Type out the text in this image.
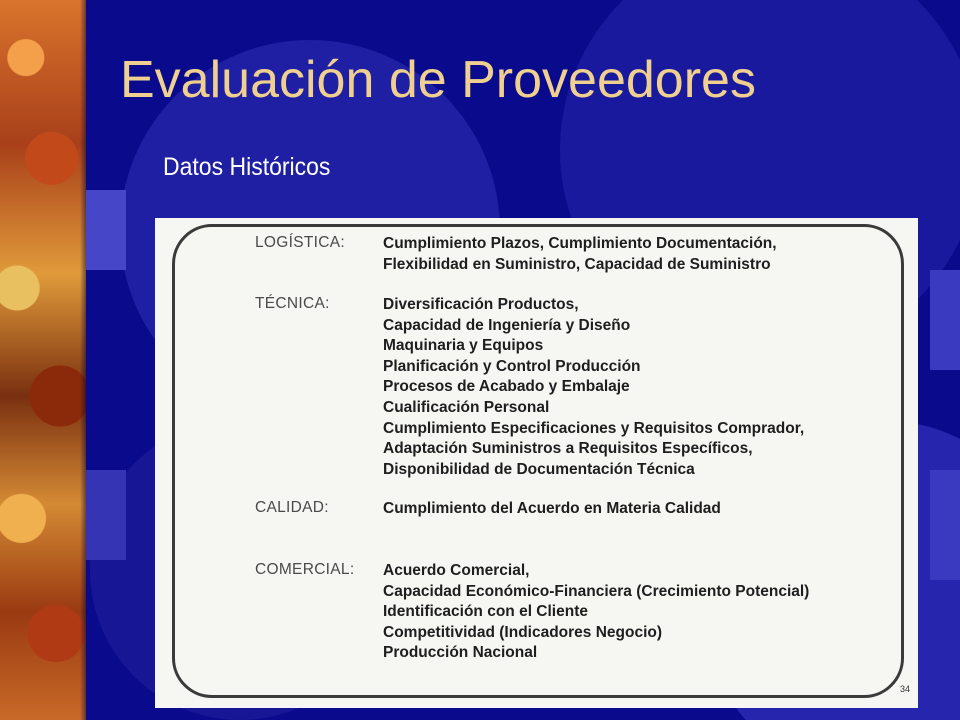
Evaluación de Proveedores
Datos Históricos
LOGÍSTICA:	Cumplimiento Plazos, Cumplimiento Documentación,
Flexibilidad en Suministro, Capacidad de Suministro
TÉCNICA:	Diversificación Productos,
Capacidad de Ingeniería y Diseño
Maquinaria y Equipos
Planificación y Control Producción
Procesos de Acabado y Embalaje
Cualificación Personal
Cumplimiento Especificaciones y Requisitos Comprador,
Adaptación Suministros a Requisitos Específicos,
Disponibilidad de Documentación Técnica
CALIDAD:	Cumplimiento del Acuerdo en Materia Calidad
COMERCIAL:	Acuerdo Comercial,
Capacidad Económico-Financiera (Crecimiento Potencial)
Identificación con el Cliente
Competitividad (Indicadores Negocio)
Producción Nacional
34
